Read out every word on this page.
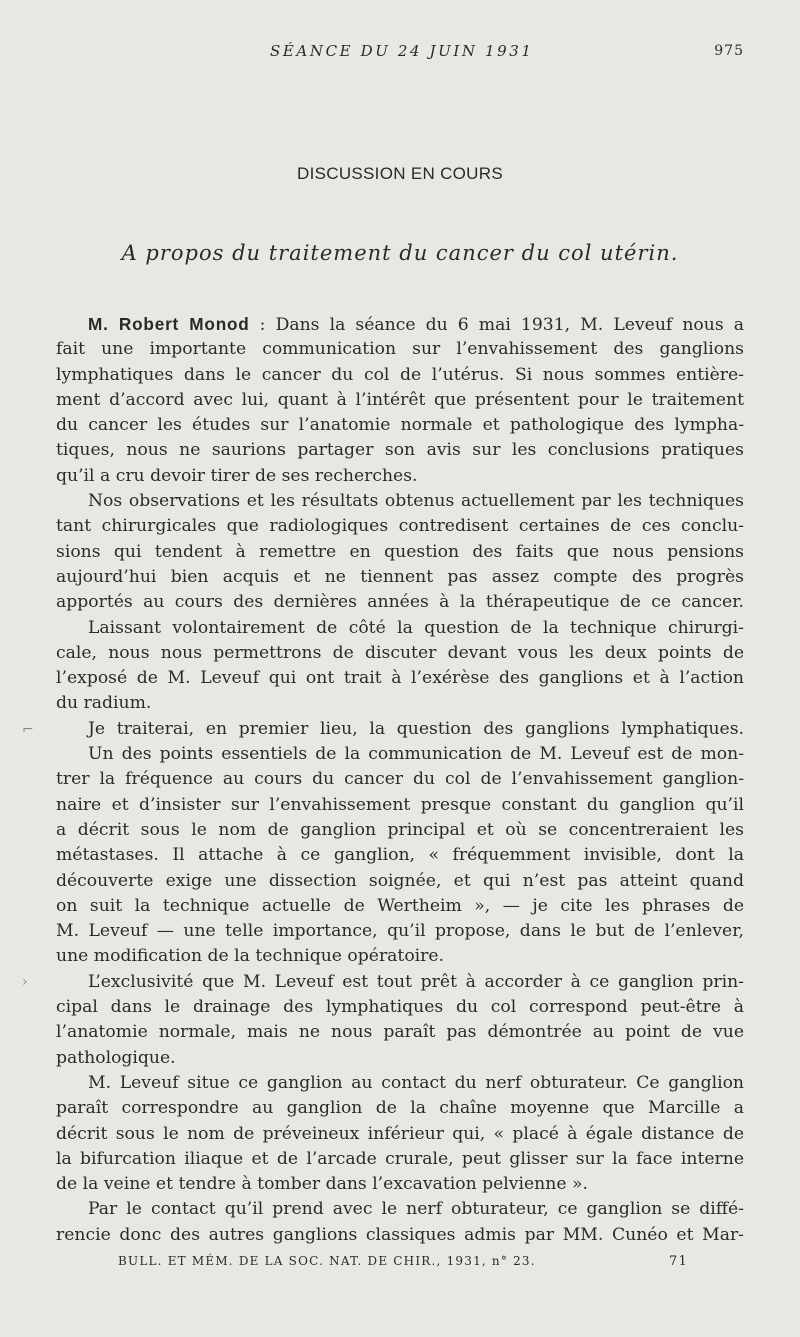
SÉANCE DU 24 JUIN 1931	975
DISCUSSION EN COURS
A propos du traitement du cancer du col utérin.
M. Robert Monod : Dans la séance du 6 mai 1931, M. Leveuf nous a
fait une importante communication sur l’envahissement des ganglions
lymphatiques dans le cancer du col de l’utérus. Si nous sommes entière-
ment d’accord avec lui, quant à l’intérêt que présentent pour le traitement
du cancer les études sur l’anatomie normale et pathologique des lympha-
tiques, nous ne saurions partager son avis sur les conclusions pratiques
qu’il a cru devoir tirer de ses recherches.
Nos observations et les résultats obtenus actuellement par les techniques
tant chirurgicales que radiologiques contredisent certaines de ces conclu-
sions qui tendent à remettre en question des faits que nous pensions
aujourd’hui bien acquis et ne tiennent pas assez compte des progrès
apportés au cours des dernières années à la thérapeutique de ce cancer.
Laissant volontairement de côté la question de la technique chirurgi-
cale, nous nous permettrons de discuter devant vous les deux points de
l’exposé de M. Leveuf qui ont trait à l’exérèse des ganglions et à l’action
du radium.
Je traiterai, en premier lieu, la question des ganglions lymphatiques.
Un des points essentiels de la communication de M. Leveuf est de mon-
trer la fréquence au cours du cancer du col de l’envahissement ganglion-
naire et d’insister sur l’envahissement presque constant du ganglion qu’il
a décrit sous le nom de ganglion principal et où se concentreraient les
métastases. Il attache à ce ganglion, « fréquemment invisible, dont la
découverte exige une dissection soignée, et qui n’est pas atteint quand
on suit la technique actuelle de Wertheim », — je cite les phrases de
M. Leveuf — une telle importance, qu’il propose, dans le but de l’enlever,
une modification de la technique opératoire.
L’exclusivité que M. Leveuf est tout prêt à accorder à ce ganglion prin-
cipal dans le drainage des lymphatiques du col correspond peut-être à
l’anatomie normale, mais ne nous paraît pas démontrée au point de vue
pathologique.
M. Leveuf situe ce ganglion au contact du nerf obturateur. Ce ganglion
paraît correspondre au ganglion de la chaîne moyenne que Marcille a
décrit sous le nom de préveineux inférieur qui, « placé à égale distance de
la bifurcation iliaque et de l’arcade crurale, peut glisser sur la face interne
de la veine et tendre à tomber dans l’excavation pelvienne ».
Par le contact qu’il prend avec le nerf obturateur, ce ganglion se diffé-
rencie donc des autres ganglions classiques admis par MM. Cunéo et Mar-
⌐
›
BULL. ET MÉM. DE LA SOC. NAT. DE CHIR., 1931, n° 23.	71
